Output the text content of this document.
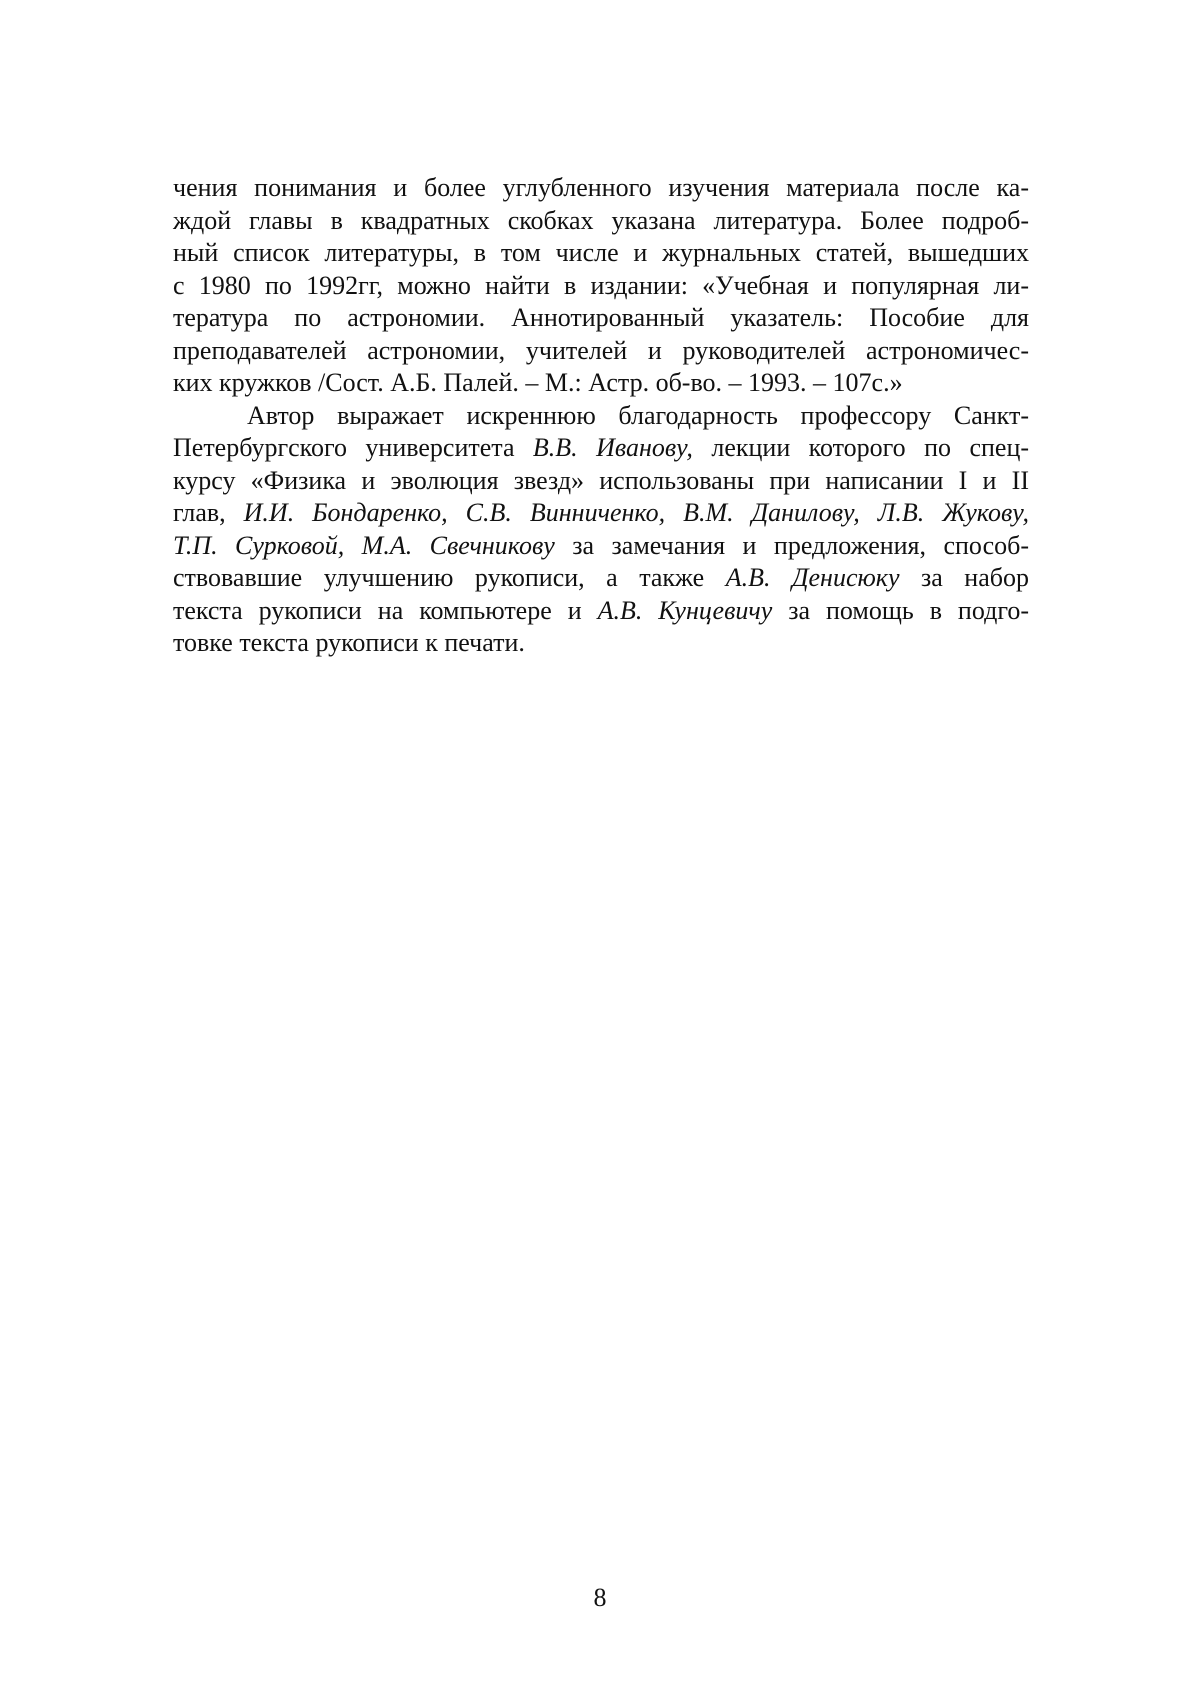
чения понимания и более углубленного изучения материала после ка-
ждой главы в квадратных скобках указана литература. Более подроб-
ный список литературы, в том числе и журнальных статей, вышедших
с 1980 по 1992гг, можно найти в издании: «Учебная и популярная ли-
тература по астрономии. Аннотированный указатель: Пособие для
преподавателей астрономии, учителей и руководителей астрономичес-
ких кружков /Сост. А.Б. Палей. – М.: Астр. об-во. – 1993. – 107с.»
Автор выражает искреннюю благодарность профессору Санкт-
Петербургского университета В.В. Иванову, лекции которого по спец-
курсу «Физика и эволюция звезд» использованы при написании I и II
глав, И.И. Бондаренко, С.В. Винниченко, В.М. Данилову, Л.В. Жукову,
Т.П. Сурковой, М.А. Свечникову за замечания и предложения, способ-
ствовавшие улучшению рукописи, а также А.В. Денисюку за набор
текста рукописи на компьютере и А.В. Кунцевичу за помощь в подго-
товке текста рукописи к печати.
8
